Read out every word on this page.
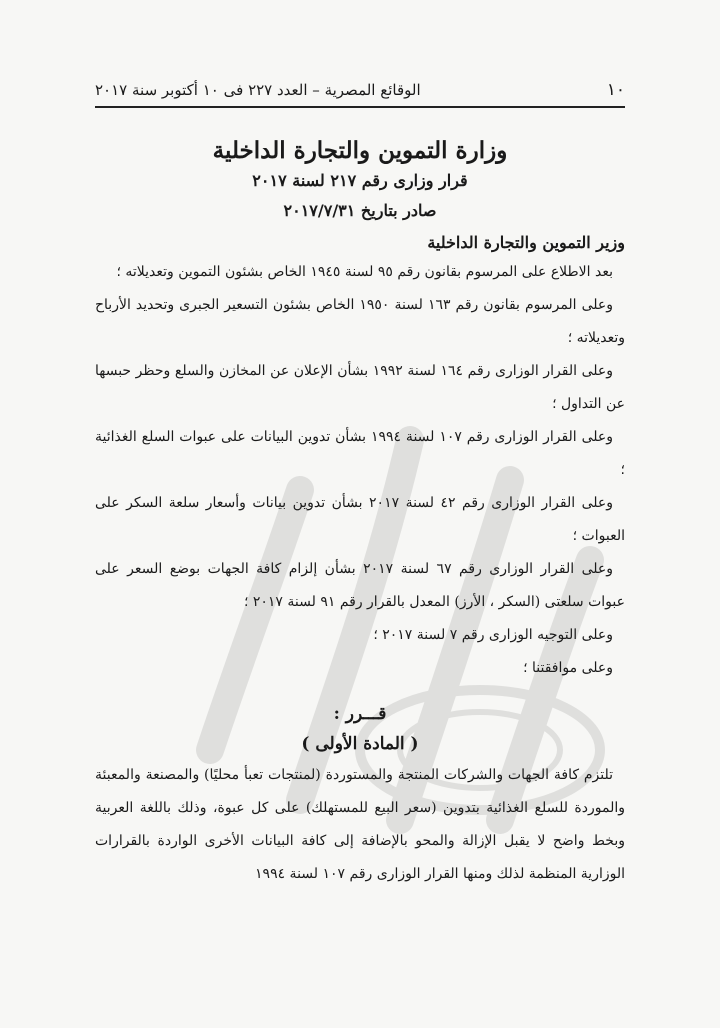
١٠
الوقائع المصرية – العدد ٢٢٧ فى ١٠ أكتوبر سنة ٢٠١٧
وزارة التموين والتجارة الداخلية
قرار وزارى رقم ٢١٧ لسنة ٢٠١٧
صادر بتاريخ ٢٠١٧/٧/٣١
وزير التموين والتجارة الداخلية

بعد الاطلاع على المرسوم بقانون رقم ٩٥ لسنة ١٩٤٥ الخاص بشئون التموين وتعديلاته ؛

وعلى المرسوم بقانون رقم ١٦٣ لسنة ١٩٥٠ الخاص بشئون التسعير الجبرى وتحديد الأرباح وتعديلاته ؛

وعلى القرار الوزارى رقم ١٦٤ لسنة ١٩٩٢ بشأن الإعلان عن المخازن والسلع وحظر حبسها عن التداول ؛

وعلى القرار الوزارى رقم ١٠٧ لسنة ١٩٩٤ بشأن تدوين البيانات على عبوات السلع الغذائية ؛

وعلى القرار الوزارى رقم ٤٢ لسنة ٢٠١٧ بشأن تدوين بيانات وأسعار سلعة السكر على العبوات ؛

وعلى القرار الوزارى رقم ٦٧ لسنة ٢٠١٧ بشأن إلزام كافة الجهات بوضع السعر على عبوات سلعتى (السكر ، الأرز) المعدل بالقرار رقم ٩١ لسنة ٢٠١٧ ؛

وعلى التوجيه الوزارى رقم ٧ لسنة ٢٠١٧ ؛

وعلى موافقتنا ؛

قـــرر :
( المادة الأولى )

تلتزم كافة الجهات والشركات المنتجة والمستوردة (لمنتجات تعبأ محليًا) والمصنعة والمعبئة والموردة للسلع الغذائية بتدوين (سعر البيع للمستهلك) على كل عبوة، وذلك باللغة العربية وبخط واضح لا يقبل الإزالة والمحو بالإضافة إلى كافة البيانات الأخرى الواردة بالقرارات الوزارية المنظمة لذلك ومنها القرار الوزارى رقم ١٠٧ لسنة ١٩٩٤
